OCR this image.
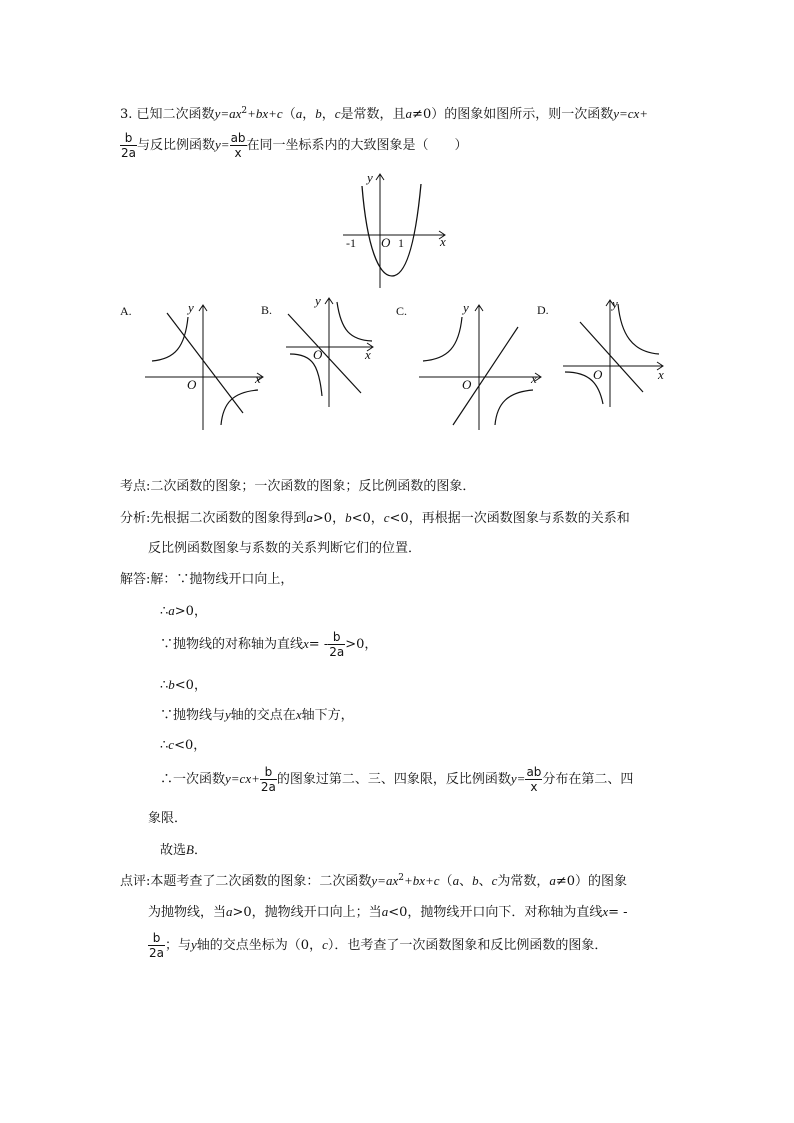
3. 已知二次函数$y=ax^2+bx+c(a$，b，c是常数，且a≠0）的图象如图所示，则一次函数y=cx+
$\frac{b}{2a}$ 与反比例函数$y= \frac{ab}{x}$ 在同一坐标系内的大致图象是（　　）
y
x
O
-1	1
A.	y
x
O
B.
y
x
O
C.	y
x
O
D.	y
x
O
考点:二次函数的图象；一次函数的图象；反比例函数的图象．
分析:先根据二次函数的图象得到a>0，b<0，c<0，再根据一次函数图象与系数的关系和
反比例函数图象与系数的关系判断它们的位置．
解答:解：∵抛物线开口向上，
∴a>0，
∵抛物线的对称轴为直线$x= - \frac{b}{2a} >0$，
∴b<0，
∵抛物线与y轴的交点在x轴下方，
∴c<0，
∴一次函数$y=cx+ \frac{b}{2a}$ 的图象过第二、三、四象限，反比例函数$y= \frac{ab}{x}$ 分布在第二、四
象限．
故选B．
点评:本题考查了二次函数的图象：二次函数$y=ax^2+bx+c(a$、b、c为常数，a≠0）的图象
为抛物线，当a>0，抛物线开口向上；当a<0，抛物线开口向下．对称轴为直线x= -
$\frac{b}{2a}$ ；与y轴的交点坐标为（0，c）．也考查了一次函数图象和反比例函数的图象．
